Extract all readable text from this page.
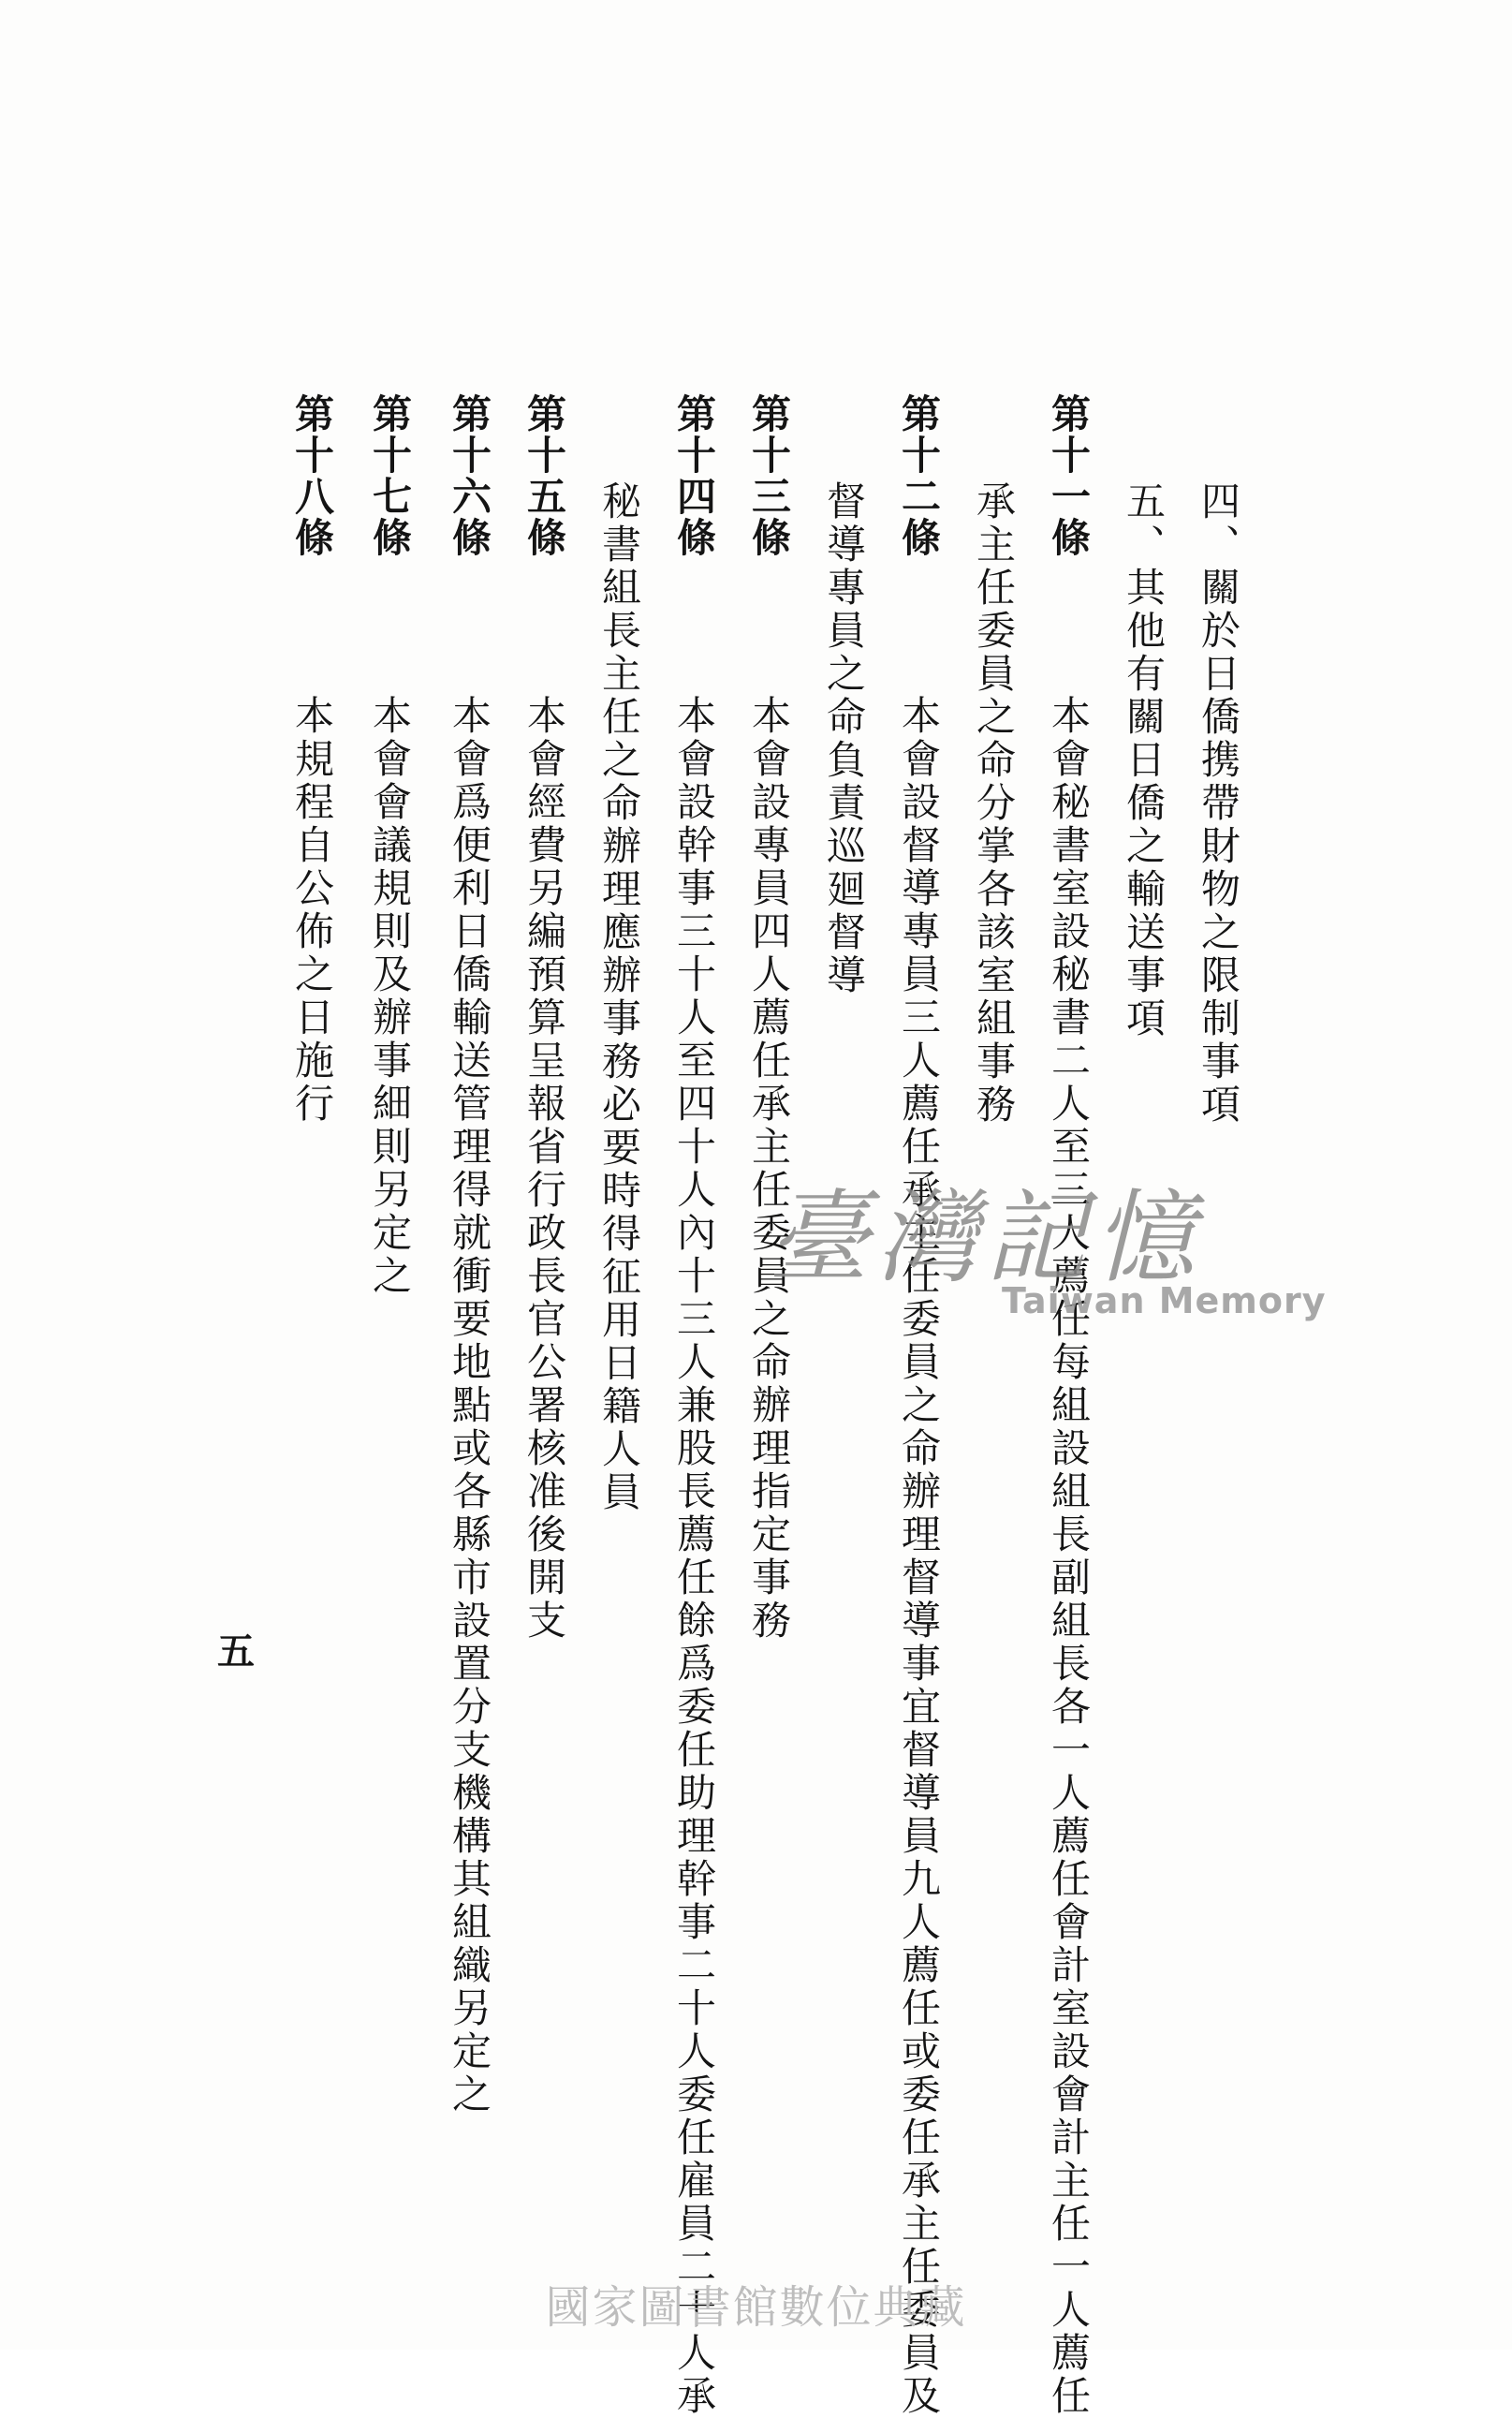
四、關於日僑携帶財物之限制事項
五、其他有關日僑之輸送事項
第十一條  本會秘書室設秘書二人至三人薦任每組設組長副組長各一人薦任會計室設會計主任一人薦任
承主任委員之命分掌各該室組事務
第十二條  本會設督導專員三人薦任承主任委員之命辦理督導事宜督導員九人薦任或委任承主任委員及
督導專員之命負責巡廻督導
第十三條  本會設專員四人薦任承主任委員之命辦理指定事務
第十四條  本會設幹事三十人至四十人內十三人兼股長薦任餘爲委任助理幹事二十人委任雇員二十人承
秘書組長主任之命辦理應辦事務必要時得征用日籍人員
第十五條  本會經費另編預算呈報省行政長官公署核准後開支
第十六條  本會爲便利日僑輸送管理得就衝要地點或各縣市設置分支機構其組織另定之
第十七條  本會會議規則及辦事細則另定之
第十八條  本規程自公佈之日施行
五
臺灣記憶
Taiwan Memory
國家圖書館數位典藏
